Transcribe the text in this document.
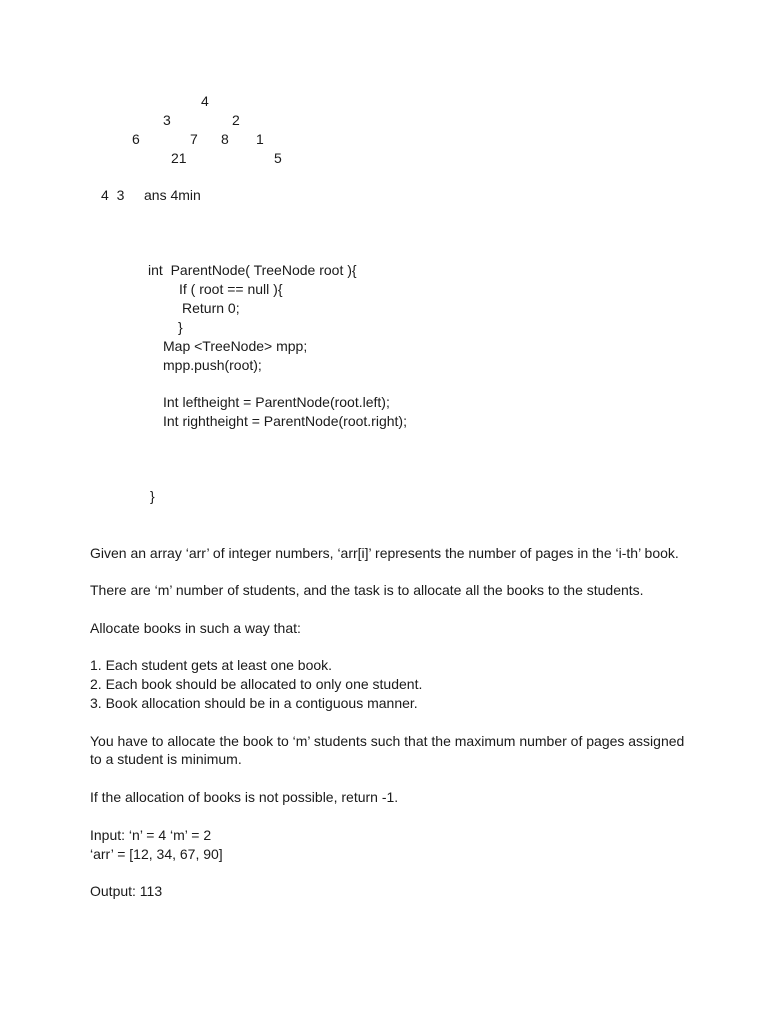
4
3	2
6	7 8 1
21	5
4  3 ans 4min
int  ParentNode( TreeNode root ){
If ( root == null ){
Return 0;
}
Map <TreeNode> mpp;
mpp.push(root);
Int leftheight = ParentNode(root.left);
Int rightheight = ParentNode(root.right);
}
Given an array ‘arr’ of integer numbers, ‘arr[i]’ represents the number of pages in the ‘i-th’ book.
There are ‘m’ number of students, and the task is to allocate all the books to the students.
Allocate books in such a way that:
1. Each student gets at least one book.
2. Each book should be allocated to only one student.
3. Book allocation should be in a contiguous manner.
You have to allocate the book to ‘m’ students such that the maximum number of pages assigned
to a student is minimum.
If the allocation of books is not possible, return -1.
Input: ‘n’ = 4 ‘m’ = 2
‘arr’ = [12, 34, 67, 90]
Output: 113
